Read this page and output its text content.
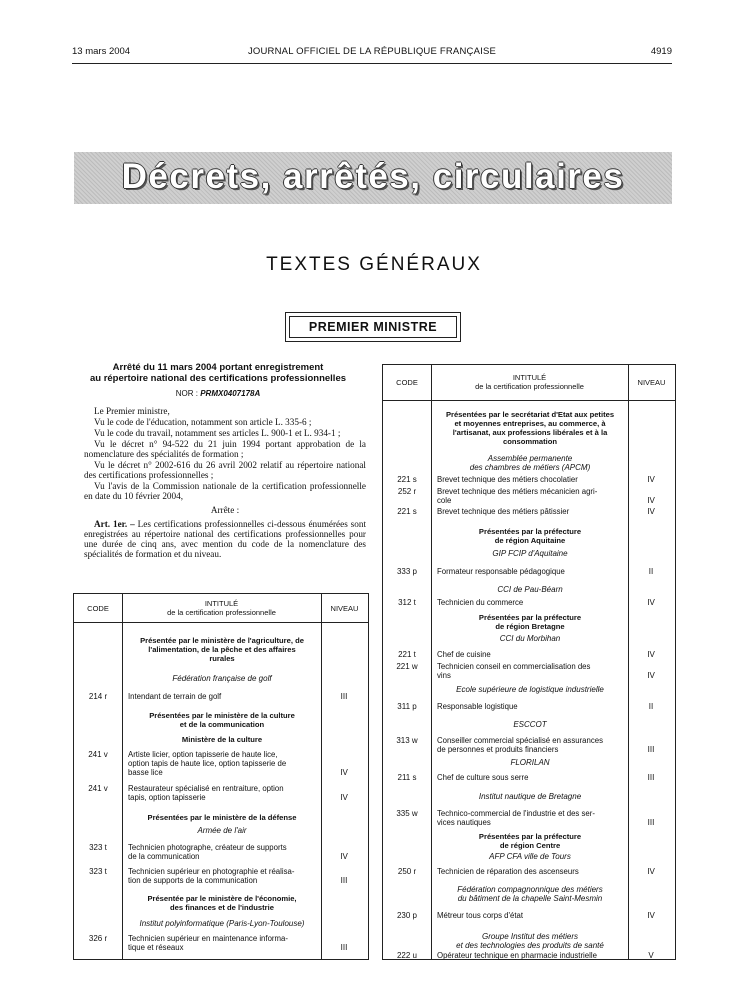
13 mars 2004	JOURNAL OFFICIEL DE LA RÉPUBLIQUE FRANÇAISE	4919
Décrets, arrêtés, circulaires
TEXTES GÉNÉRAUX
PREMIER MINISTRE
Arrêté du 11 mars 2004 portant enregistrement
au répertoire national des certifications professionnelles
NOR : PRMX0407178A

Le Premier ministre,

Vu le code de l'éducation, notamment son article L. 335-6 ;

Vu le code du travail, notamment ses articles L. 900-1 et L. 934-1 ;

Vu le décret n° 94-522 du 21 juin 1994 portant approbation de la nomenclature des spécialités de formation ;

Vu le décret n° 2002-616 du 26 avril 2002 relatif au répertoire national des certifications professionnelles ;

Vu l'avis de la Commission nationale de la certification professionnelle en date du 10 février 2004,

Arrête :

Art. 1er. – Les certifications professionnelles ci-dessous énumérées sont enregistrées au répertoire national des certifications professionnelles pour une durée de cinq ans, avec mention du code de la nomenclature des spécialités de formation et du niveau.

CODE
INTITULÉ
de la certification professionnelle	NIVEAU
Présentée par le ministère de l'agriculture, de
l'alimentation, de la pêche et des affaires
rurales
Fédération française de golf
214 r	Intendant de terrain de golf	III
Présentées par le ministère de la culture
et de la communication
Ministère de la culture
241 v	Artiste licier, option tapisserie de haute lice,
option tapis de haute lice, option tapisserie de
basse lice	IV
241 v	Restaurateur spécialisé en rentraiture, option
tapis, option tapisserie	IV
Présentées par le ministère de la défense
Armée de l'air
323 t	Technicien photographe, créateur de supports
de la communication	IV
323 t	Technicien supérieur en photographie et réalisa-
tion de supports de la communication	III
Présentée par le ministère de l'économie,
des finances et de l'industrie
Institut polyinformatique (Paris-Lyon-Toulouse)
326 r	Technicien supérieur en maintenance informa-
tique et réseaux	III
CODE
INTITULÉ
de la certification professionnelle	NIVEAU
Présentées par le secrétariat d'Etat aux petites
et moyennes entreprises, au commerce, à
l'artisanat, aux professions libérales et à la
consommation
Assemblée permanente
des chambres de métiers (APCM)
221 s	Brevet technique des métiers chocolatier	IV
252 r	Brevet technique des métiers mécanicien agri-
cole	IV
221 s	Brevet technique des métiers pâtissier	IV
Présentées par la préfecture
de région Aquitaine
GIP FCIP d'Aquitaine
333 p	Formateur responsable pédagogique	II
CCI de Pau-Béarn
312 t	Technicien du commerce	IV
Présentées par la préfecture
de région Bretagne
CCI du Morbihan
221 t	Chef de cuisine	IV
221 w	Technicien conseil en commercialisation des
vins	IV
Ecole supérieure de logistique industrielle
311 p	Responsable logistique	II
ESCCOT
313 w	Conseiller commercial spécialisé en assurances
de personnes et produits financiers	III
FLORILAN
211 s	Chef de culture sous serre	III
Institut nautique de Bretagne
335 w	Technico-commercial de l'industrie et des ser-
vices nautiques	III
Présentées par la préfecture
de région Centre
AFP CFA ville de Tours
250 r	Technicien de réparation des ascenseurs	IV
Fédération compagnonnique des métiers
du bâtiment de la chapelle Saint-Mesmin
230 p	Métreur tous corps d'état	IV
Groupe Institut des métiers
et des technologies des produits de santé
222 u	Opérateur technique en pharmacie industrielle	V
